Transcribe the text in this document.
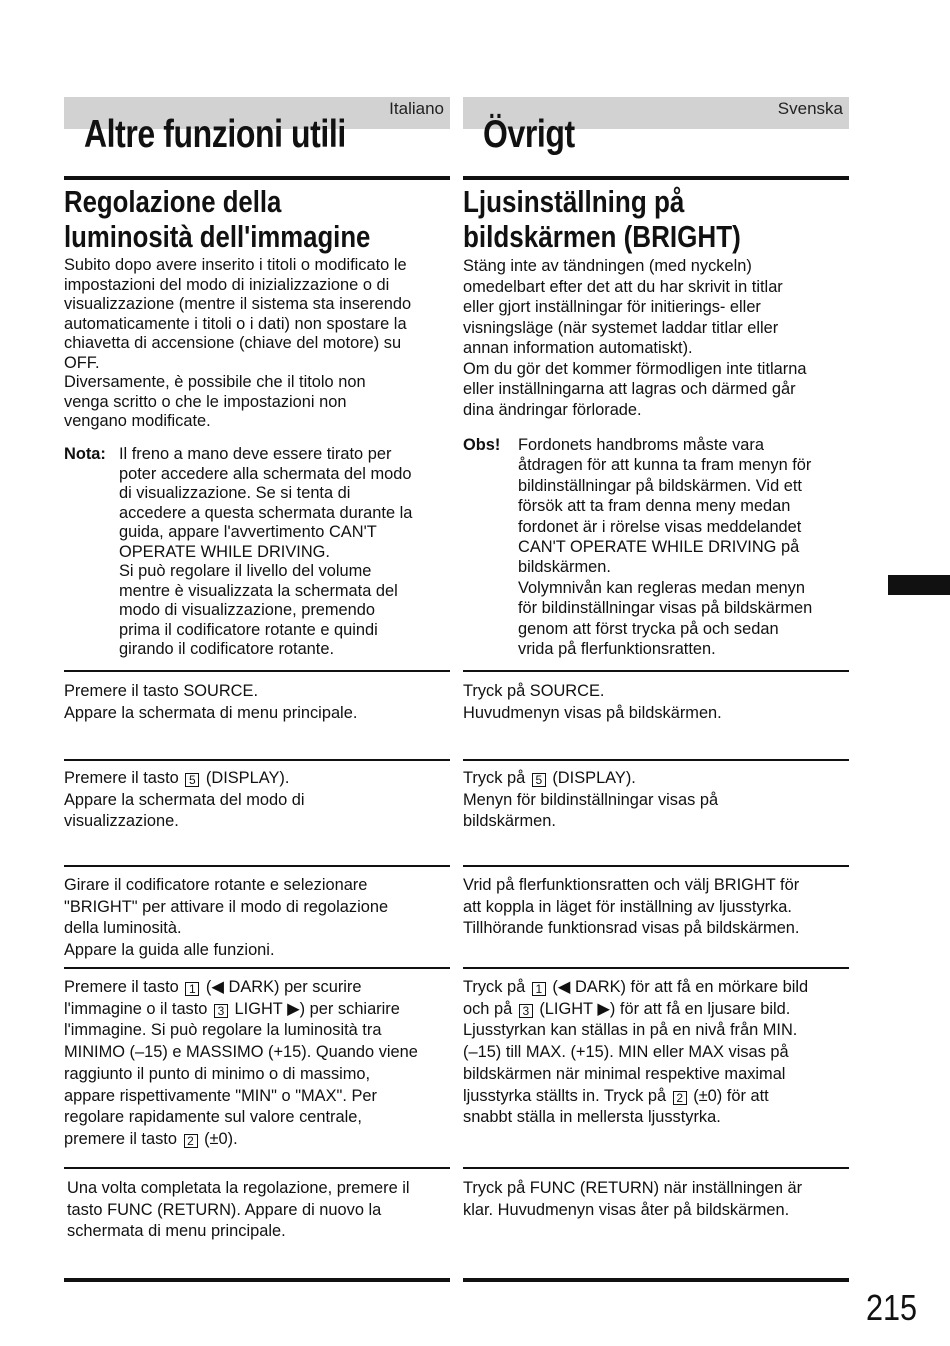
Italiano
Altre funzioni utili
Regolazione della
luminosità dell'immagine

Subito dopo avere inserito i titoli o modificato le

impostazioni del modo di inizializzazione o di

visualizzazione (mentre il sistema sta inserendo

automaticamente i titoli o i dati) non spostare la

chiavetta di accensione (chiave del motore) su

OFF.

Diversamente, è possibile che il titolo non

venga scritto o che le impostazioni non

vengano modificate.

Nota: Il freno a mano deve essere tirato per

poter accedere alla schermata del modo

di visualizzazione. Se si tenta di

accedere a questa schermata durante la

guida, appare l'avvertimento CAN'T

OPERATE WHILE DRIVING.

Si può regolare il livello del volume

mentre è visualizzata la schermata del

modo di visualizzazione, premendo

prima il codificatore rotante e quindi

girando il codificatore rotante.

Premere il tasto SOURCE.

Appare la schermata di menu principale.

Premere il tasto 5 (DISPLAY).

Appare la schermata del modo di

visualizzazione.

Girare il codificatore rotante e selezionare

"BRIGHT" per attivare il modo di regolazione

della luminosità.

Appare la guida alle funzioni.

Premere il tasto 1 (◀ DARK) per scurire

l'immagine o il tasto 3 LIGHT ▶) per schiarire

l'immagine. Si può regolare la luminosità tra

MINIMO (–15) e MASSIMO (+15). Quando viene

raggiunto il punto di minimo o di massimo,

appare rispettivamente "MIN" o "MAX". Per

regolare rapidamente sul valore centrale,

premere il tasto 2 (±0).

Una volta completata la regolazione, premere il

tasto FUNC (RETURN). Appare di nuovo la

schermata di menu principale.

Svenska
Övrigt
Ljusinställning på
bildskärmen (BRIGHT)

Stäng inte av tändningen (med nyckeln)

omedelbart efter det att du har skrivit in titlar

eller gjort inställningar för initierings- eller

visningsläge (när systemet laddar titlar eller

annan information automatiskt).

Om du gör det kommer förmodligen inte titlarna

eller inställningarna att lagras och därmed går

dina ändringar förlorade.

Obs! Fordonets handbroms måste vara

åtdragen för att kunna ta fram menyn för

bildinställningar på bildskärmen. Vid ett

försök att ta fram denna meny medan

fordonet är i rörelse visas meddelandet

CAN'T OPERATE WHILE DRIVING på

bildskärmen.

Volymnivån kan regleras medan menyn

för bildinställningar visas på bildskärmen

genom att först trycka på och sedan

vrida på flerfunktionsratten.

Tryck på SOURCE.

Huvudmenyn visas på bildskärmen.

Tryck på 5 (DISPLAY).

Menyn för bildinställningar visas på

bildskärmen.

Vrid på flerfunktionsratten och välj BRIGHT för

att koppla in läget för inställning av ljusstyrka.

Tillhörande funktionsrad visas på bildskärmen.

Tryck på 1 (◀ DARK) för att få en mörkare bild

och på 3 (LIGHT ▶) för att få en ljusare bild.

Ljusstyrkan kan ställas in på en nivå från MIN.

(–15) till MAX. (+15). MIN eller MAX visas på

bildskärmen när minimal respektive maximal

ljusstyrka ställts in. Tryck på 2 (±0) för att

snabbt ställa in mellersta ljusstyrka.

Tryck på FUNC (RETURN) när inställningen är

klar. Huvudmenyn visas åter på bildskärmen.

215
